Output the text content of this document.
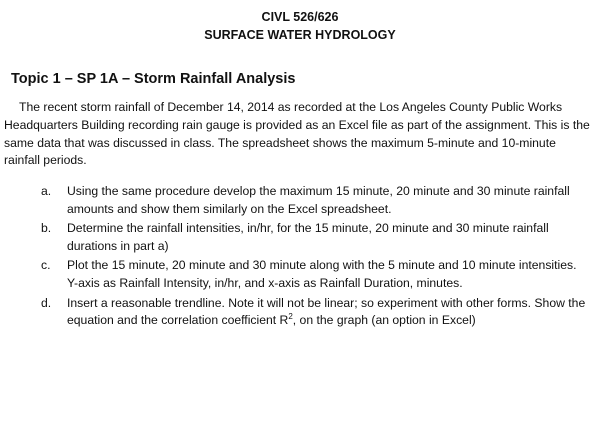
CIVL 526/626
SURFACE WATER HYDROLOGY
Topic 1 – SP 1A – Storm Rainfall Analysis

The recent storm rainfall of December 14, 2014 as recorded at the Los Angeles County Public Works Headquarters Building recording rain gauge is provided as an Excel file as part of the assignment. This is the same data that was discussed in class. The spreadsheet shows the maximum 5-minute and 10-minute rainfall periods.

a. Using the same procedure develop the maximum 15 minute, 20 minute and 30 minute rainfall amounts and show them similarly on the Excel spreadsheet.
b. Determine the rainfall intensities, in/hr, for the 15 minute, 20 minute and 30 minute rainfall durations in part a)
c. Plot the 15 minute, 20 minute and 30 minute along with the 5 minute and 10 minute intensities. Y-axis as Rainfall Intensity, in/hr, and x-axis as Rainfall Duration, minutes.
d. Insert a reasonable trendline. Note it will not be linear; so experiment with other forms. Show the equation and the correlation coefficient $R^2$, on the graph (an option in Excel)
